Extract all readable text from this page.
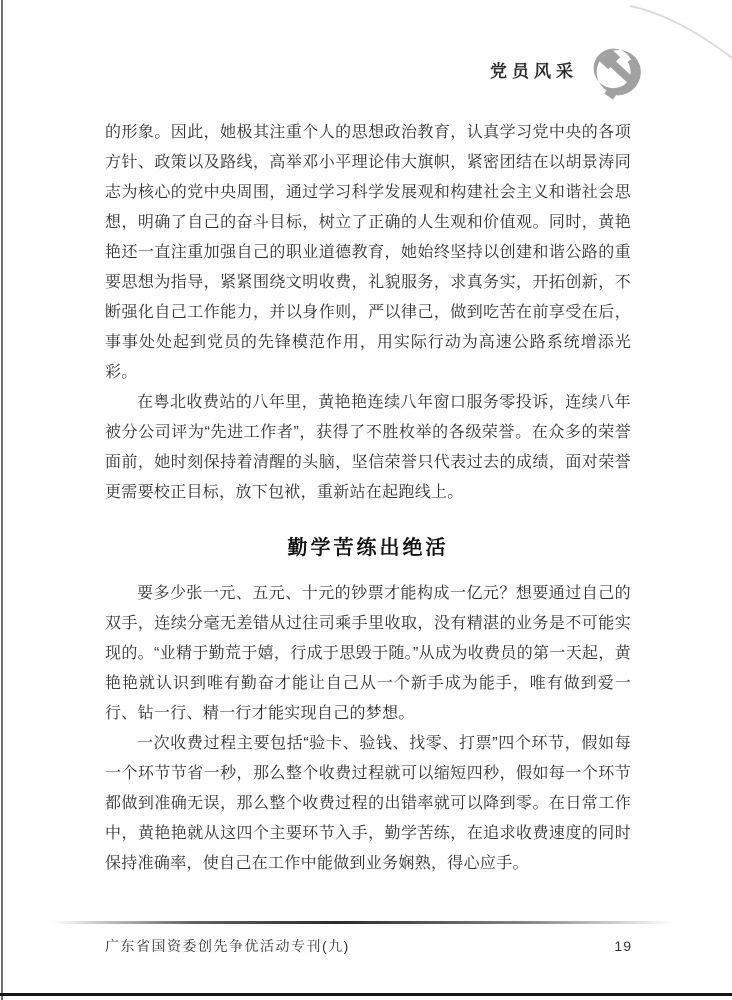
党员风采

的形象。因此，她极其注重个人的思想政治教育，认真学习党中央的各项方针、政策以及路线，高举邓小平理论伟大旗帜，紧密团结在以胡景涛同志为核心的党中央周围，通过学习科学发展观和构建社会主义和谐社会思想，明确了自己的奋斗目标，树立了正确的人生观和价值观。同时，黄艳艳还一直注重加强自己的职业道德教育，她始终坚持以创建和谐公路的重要思想为指导，紧紧围绕文明收费，礼貌服务，求真务实，开拓创新，不断强化自己工作能力，并以身作则，严以律己，做到吃苦在前享受在后，事事处处起到党员的先锋模范作用，用实际行动为高速公路系统增添光彩。

在粤北收费站的八年里，黄艳艳连续八年窗口服务零投诉，连续八年被分公司评为“先进工作者”，获得了不胜枚举的各级荣誉。在众多的荣誉面前，她时刻保持着清醒的头脑，坚信荣誉只代表过去的成绩，面对荣誉更需要校正目标，放下包袱，重新站在起跑线上。

勤学苦练出绝活

要多少张一元、五元、十元的钞票才能构成一亿元？想要通过自己的双手，连续分毫无差错从过往司乘手里收取，没有精湛的业务是不可能实现的。“业精于勤荒于嬉，行成于思毁于随。”从成为收费员的第一天起，黄艳艳就认识到唯有勤奋才能让自己从一个新手成为能手，唯有做到爱一行、钻一行、精一行才能实现自己的梦想。

一次收费过程主要包括“验卡、验钱、找零、打票”四个环节，假如每一个环节节省一秒，那么整个收费过程就可以缩短四秒，假如每一个环节都做到准确无误，那么整个收费过程的出错率就可以降到零。在日常工作中，黄艳艳就从这四个主要环节入手，勤学苦练，在追求收费速度的同时保持准确率，使自己在工作中能做到业务娴熟，得心应手。

广东省国资委创先争优活动专刊(九)	19
